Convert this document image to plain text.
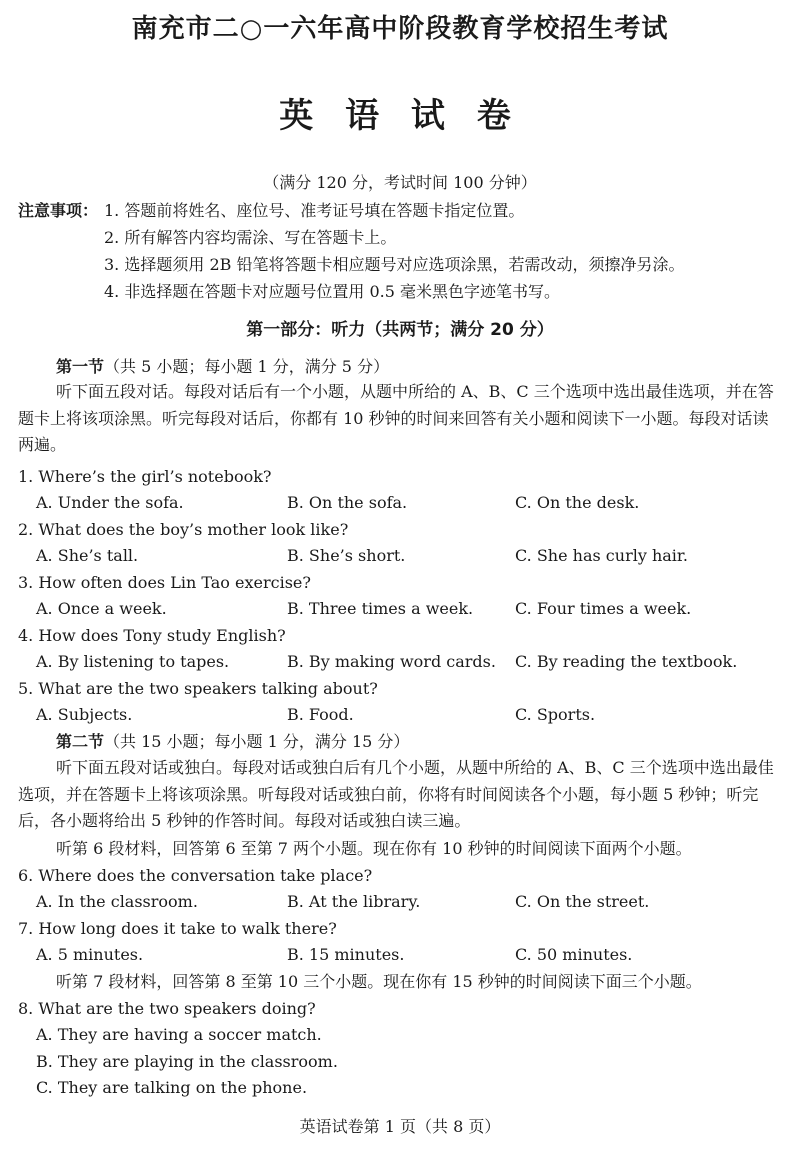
南充市二○一六年高中阶段教育学校招生考试
英 语 试 卷
（满分 120 分，考试时间 100 分钟）
注意事项： 1. 答题前将姓名、座位号、准考证号填在答题卡指定位置。
2. 所有解答内容均需涂、写在答题卡上。
3. 选择题须用 2B 铅笔将答题卡相应题号对应选项涂黑，若需改动，须擦净另涂。
4. 非选择题在答题卡对应题号位置用 0.5 毫米黑色字迹笔书写。
第一部分：听力（共两节；满分 20 分）
第一节（共 5 小题；每小题 1 分，满分 5 分）
听下面五段对话。每段对话后有一个小题，从题中所给的 A、B、C 三个选项中选出最佳选项，并在答题卡上将该项涂黑。听完每段对话后，你都有 10 秒钟的时间来回答有关小题和阅读下一小题。每段对话读两遍。
1. Where’s the girl’s notebook?
A. Under the sofa.	B. On the sofa.	C. On the desk.
2. What does the boy’s mother look like?
A. She’s tall.	B. She’s short.	C. She has curly hair.
3. How often does Lin Tao exercise?
A. Once a week.	B. Three times a week.	C. Four times a week.
4. How does Tony study English?
A. By listening to tapes.	B. By making word cards. C. By reading the textbook.
5. What are the two speakers talking about?
A. Subjects.	B. Food.	C. Sports.
第二节（共 15 小题；每小题 1 分，满分 15 分）
听下面五段对话或独白。每段对话或独白后有几个小题，从题中所给的 A、B、C 三个选项中选出最佳选项，并在答题卡上将该项涂黑。听每段对话或独白前，你将有时间阅读各个小题，每小题 5 秒钟；听完后，各小题将给出 5 秒钟的作答时间。每段对话或独白读三遍。
听第 6 段材料，回答第 6 至第 7 两个小题。现在你有 10 秒钟的时间阅读下面两个小题。
6. Where does the conversation take place?
A. In the classroom.	B. At the library.	C. On the street.
7. How long does it take to walk there?
A. 5 minutes.	B. 15 minutes.	C. 50 minutes.
听第 7 段材料，回答第 8 至第 10 三个小题。现在你有 15 秒钟的时间阅读下面三个小题。
8. What are the two speakers doing?
A. They are having a soccer match.
B. They are playing in the classroom.
C. They are talking on the phone.
英语试卷第 1 页（共 8 页）
